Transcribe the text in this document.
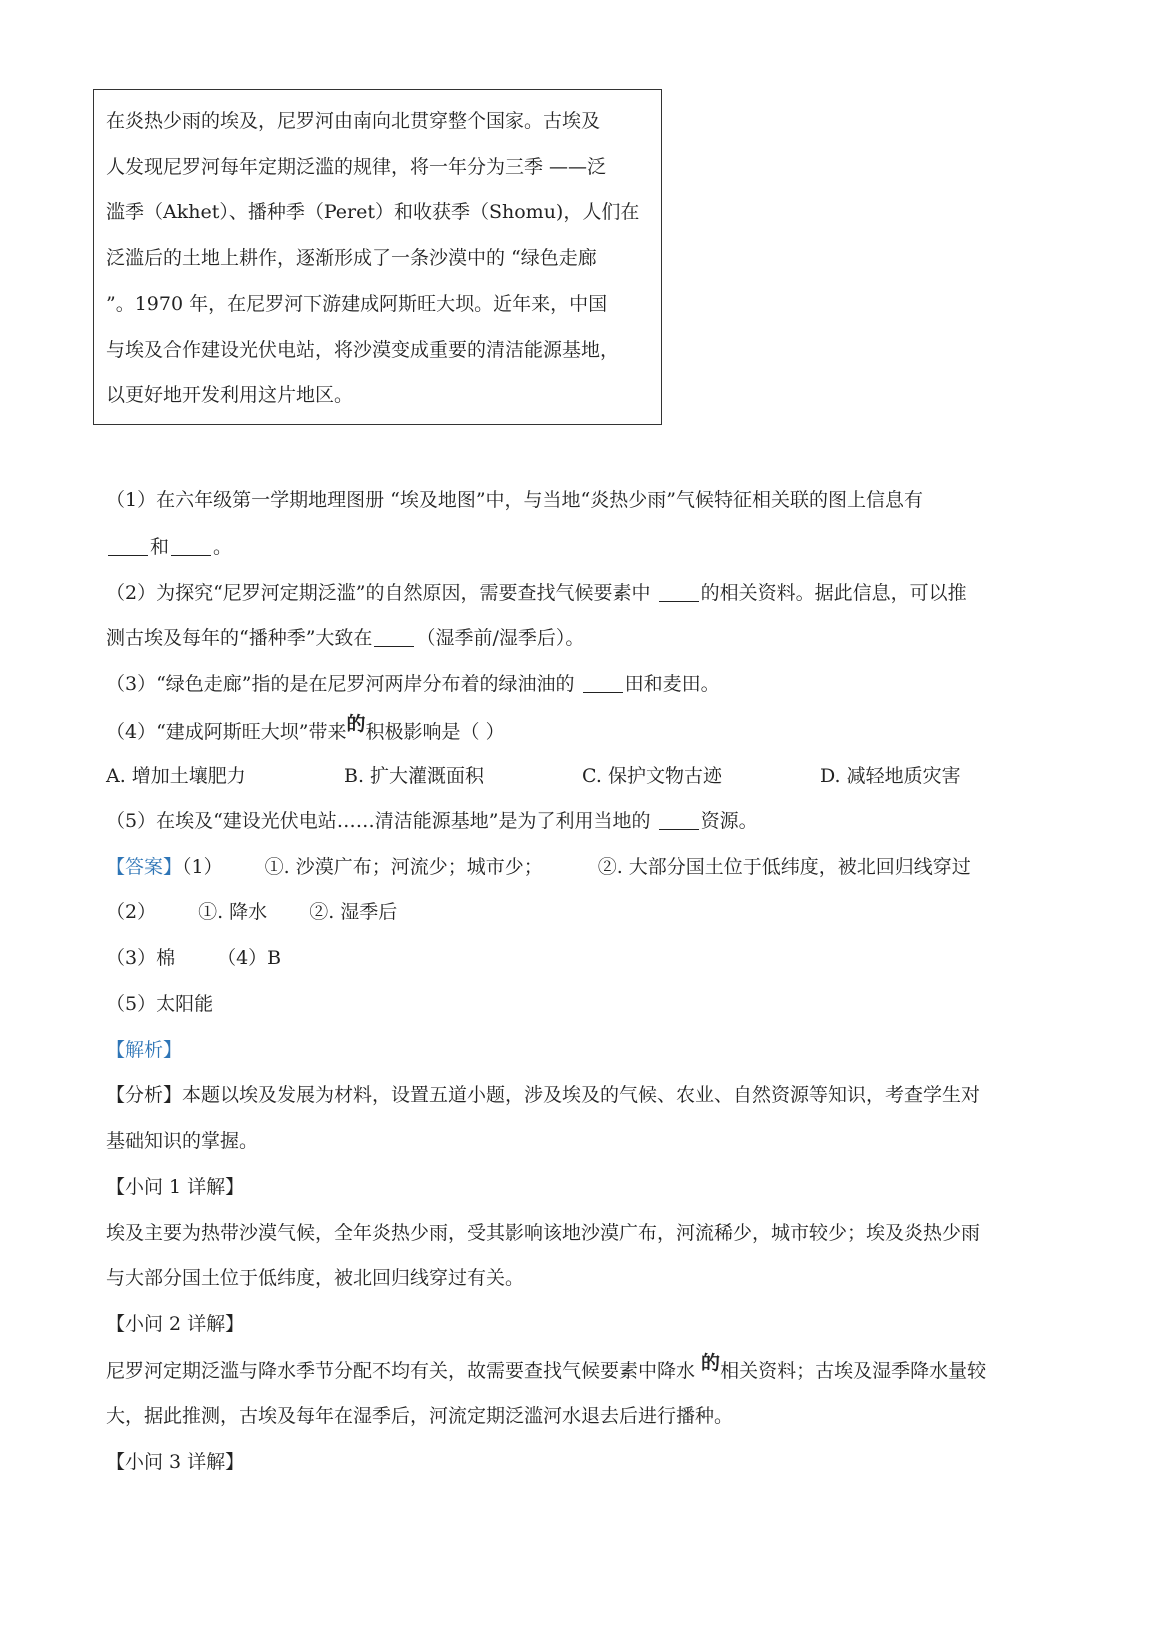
在炎热少雨的埃及，尼罗河由南向北贯穿整个国家。古埃及
人发现尼罗河每年定期泛滥的规律，将一年分为三季 ——泛
滥季（Akhet）、播种季（Peret）和收获季（Shomu)，人们在
泛滥后的土地上耕作，逐渐形成了一条沙漠中的 “绿色走廊
”。1970 年，在尼罗河下游建成阿斯旺大坝。近年来，中国
与埃及合作建设光伏电站，将沙漠变成重要的清洁能源基地，
以更好地开发利用这片地区。
（1）在六年级第一学期地理图册 “埃及地图”中，与当地“炎热少雨”气候特征相关联的图上信息有
和 。
（2）为探究“尼罗河定期泛滥”的自然原因，需要查找气候要素中 的相关资料。据此信息，可以推
测古埃及每年的“播种季”大致在 （湿季前/湿季后）。
（3）“绿色走廊”指的是在尼罗河两岸分布着的绿油油的 田和麦田。
（4）“建成阿斯旺大坝”带来的积极影响是（ ）
A. 增加土壤肥力	B. 扩大灌溉面积	C. 保护文物古迹	D. 减轻地质灾害
（5）在埃及“建设光伏电站……清洁能源基地”是为了利用当地的 资源。
【答案】（1） ①. 沙漠广布；河流少；城市少；	②. 大部分国土位于低纬度，被北回归线穿过
（2） ①. 降水 ②. 湿季后
（3）棉 （4）B
（5）太阳能
【解析】
【分析】本题以埃及发展为材料，设置五道小题，涉及埃及的气候、农业、自然资源等知识，考查学生对
基础知识的掌握。
【小问 1 详解】
埃及主要为热带沙漠气候，全年炎热少雨，受其影响该地沙漠广布，河流稀少，城市较少；埃及炎热少雨
与大部分国土位于低纬度，被北回归线穿过有关。
【小问 2 详解】
尼罗河定期泛滥与降水季节分配不均有关，故需要查找气候要素中降水 的相关资料；古埃及湿季降水量较
大，据此推测，古埃及每年在湿季后，河流定期泛滥河水退去后进行播种。
【小问 3 详解】
